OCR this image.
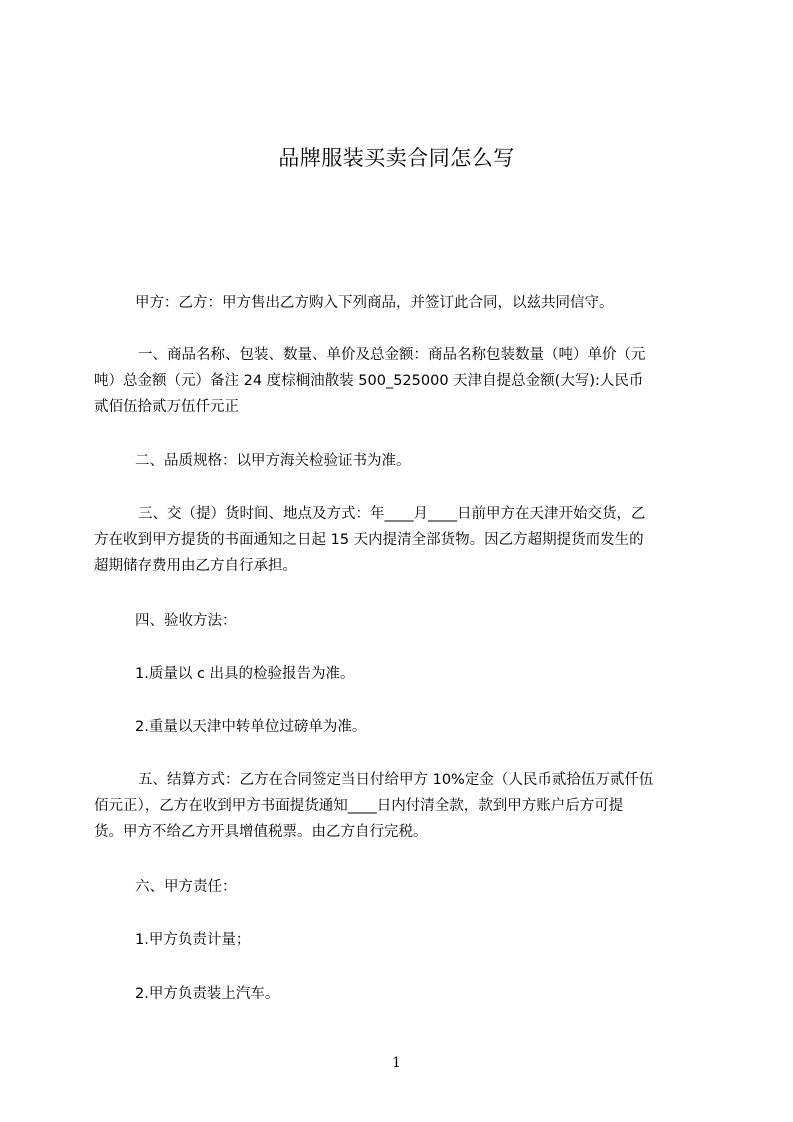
品牌服装买卖合同怎么写
甲方：乙方：甲方售出乙方购入下列商品，并签订此合同，以兹共同信守。
一、商品名称、包装、数量、单价及总金额：商品名称包装数量（吨）单价（元
吨）总金额（元）备注 24 度棕榈油散装 500_525000 天津自提总金额(大写):人民币
贰佰伍拾贰万伍仟元正
二、品质规格：以甲方海关检验证书为准。
三、交（提）货时间、地点及方式：年____月____日前甲方在天津开始交货，乙
方在收到甲方提货的书面通知之日起 15 天内提清全部货物。因乙方超期提货而发生的
超期储存费用由乙方自行承担。
四、验收方法：
1.质量以 c 出具的检验报告为准。
2.重量以天津中转单位过磅单为准。
五、结算方式：乙方在合同签定当日付给甲方 10%定金（人民币贰拾伍万贰仟伍
佰元正），乙方在收到甲方书面提货通知____日内付清全款，款到甲方账户后方可提
货。甲方不给乙方开具增值税票。由乙方自行完税。
六、甲方责任：
1.甲方负责计量；
2.甲方负责装上汽车。
1
